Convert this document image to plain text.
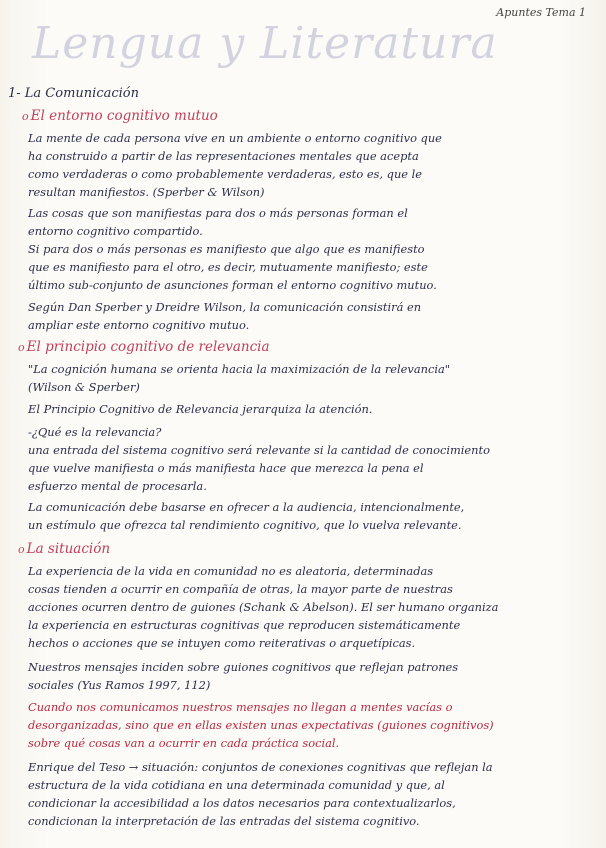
Apuntes Tema 1
Lengua y Literatura
1- La Comunicación
o El entorno cognitivo mutuo
La mente de cada persona vive en un ambiente o entorno cognitivo que
ha construido a partir de las representaciones mentales que acepta
como verdaderas o como probablemente verdaderas, esto es, que le
resultan manifiestos. (Sperber & Wilson)
Las cosas que son manifiestas para dos o más personas forman el
entorno cognitivo compartido.
Si para dos o más personas es manifiesto que algo que es manifiesto
que es manifiesto para el otro, es decir, mutuamente manifiesto; este
último sub-conjunto de asunciones forman el entorno cognitivo mutuo.
Según Dan Sperber y Dreidre Wilson, la comunicación consistirá en
ampliar este entorno cognitivo mutuo.
o El principio cognitivo de relevancia
"La cognición humana se orienta hacia la maximización de la relevancia"
(Wilson & Sperber)
El Principio Cognitivo de Relevancia jerarquiza la atención.
-¿Qué es la relevancia?
una entrada del sistema cognitivo será relevante si la cantidad de conocimiento
que vuelve manifiesta o más manifiesta hace que merezca la pena el
esfuerzo mental de procesarla.
La comunicación debe basarse en ofrecer a la audiencia, intencionalmente,
un estímulo que ofrezca tal rendimiento cognitivo, que lo vuelva relevante.
o La situación
La experiencia de la vida en comunidad no es aleatoria, determinadas
cosas tienden a ocurrir en compañía de otras, la mayor parte de nuestras
acciones ocurren dentro de guiones (Schank & Abelson). El ser humano organiza
la experiencia en estructuras cognitivas que reproducen sistemáticamente
hechos o acciones que se intuyen como reiterativas o arquetípicas.
Nuestros mensajes inciden sobre guiones cognitivos que reflejan patrones
sociales (Yus Ramos 1997, 112)
Cuando nos comunicamos nuestros mensajes no llegan a mentes vacías o
desorganizadas, sino que en ellas existen unas expectativas (guiones cognitivos)
sobre qué cosas van a ocurrir en cada práctica social.
Enrique del Teso → situación: conjuntos de conexiones cognitivas que reflejan la
estructura de la vida cotidiana en una determinada comunidad y que, al
condicionar la accesibilidad a los datos necesarios para contextualizarlos,
condicionan la interpretación de las entradas del sistema cognitivo.
